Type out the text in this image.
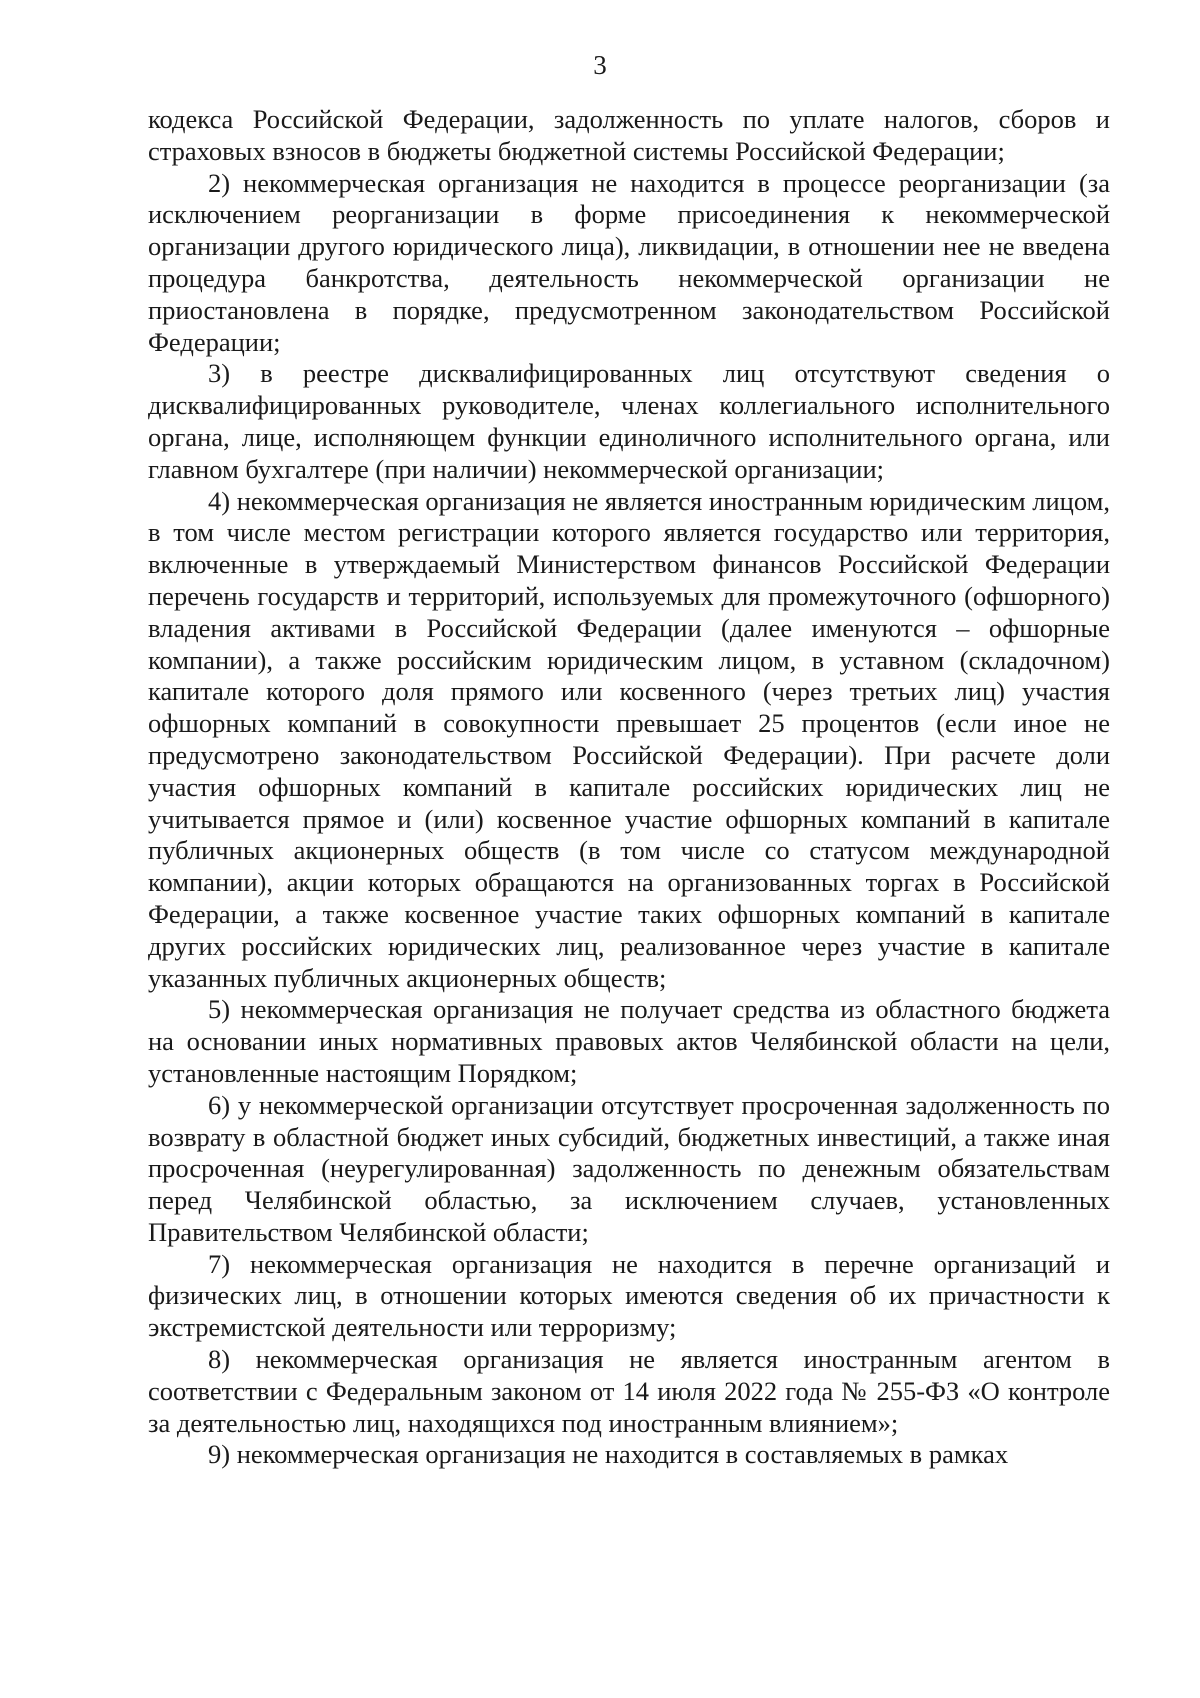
3

кодекса Российской Федерации, задолженность по уплате налогов, сборов и страховых взносов в бюджеты бюджетной системы Российской Федерации;

2) некоммерческая организация не находится в процессе реорганизации (за исключением реорганизации в форме присоединения к некоммерческой организации другого юридического лица), ликвидации, в отношении нее не введена процедура банкротства, деятельность некоммерческой организации не приостановлена в порядке, предусмотренном законодательством Российской Федерации;

3) в реестре дисквалифицированных лиц отсутствуют сведения о дисквалифицированных руководителе, членах коллегиального исполнительного органа, лице, исполняющем функции единоличного исполнительного органа, или главном бухгалтере (при наличии) некоммерческой организации;

4) некоммерческая организация не является иностранным юридическим лицом, в том числе местом регистрации которого является государство или территория, включенные в утверждаемый Министерством финансов Российской Федерации перечень государств и территорий, используемых для промежуточного (офшорного) владения активами в Российской Федерации (далее именуются – офшорные компании), а также российским юридическим лицом, в уставном (складочном) капитале которого доля прямого или косвенного (через третьих лиц) участия офшорных компаний в совокупности превышает 25 процентов (если иное не предусмотрено законодательством Российской Федерации). При расчете доли участия офшорных компаний в капитале российских юридических лиц не учитывается прямое и (или) косвенное участие офшорных компаний в капитале публичных акционерных обществ (в том числе со статусом международной компании), акции которых обращаются на организованных торгах в Российской Федерации, а также косвенное участие таких офшорных компаний в капитале других российских юридических лиц, реализованное через участие в капитале указанных публичных акционерных обществ;

5) некоммерческая организация не получает средства из областного бюджета на основании иных нормативных правовых актов Челябинской области на цели, установленные настоящим Порядком;

6) у некоммерческой организации отсутствует просроченная задолженность по возврату в областной бюджет иных субсидий, бюджетных инвестиций, а также иная просроченная (неурегулированная) задолженность по денежным обязательствам перед Челябинской областью, за исключением случаев, установленных Правительством Челябинской области;

7) некоммерческая организация не находится в перечне организаций и физических лиц, в отношении которых имеются сведения об их причастности к экстремистской деятельности или терроризму;

8) некоммерческая организация не является иностранным агентом в соответствии с Федеральным законом от 14 июля 2022 года № 255-ФЗ «О контроле за деятельностью лиц, находящихся под иностранным влиянием»;

9) некоммерческая организация не находится в составляемых в рамках
